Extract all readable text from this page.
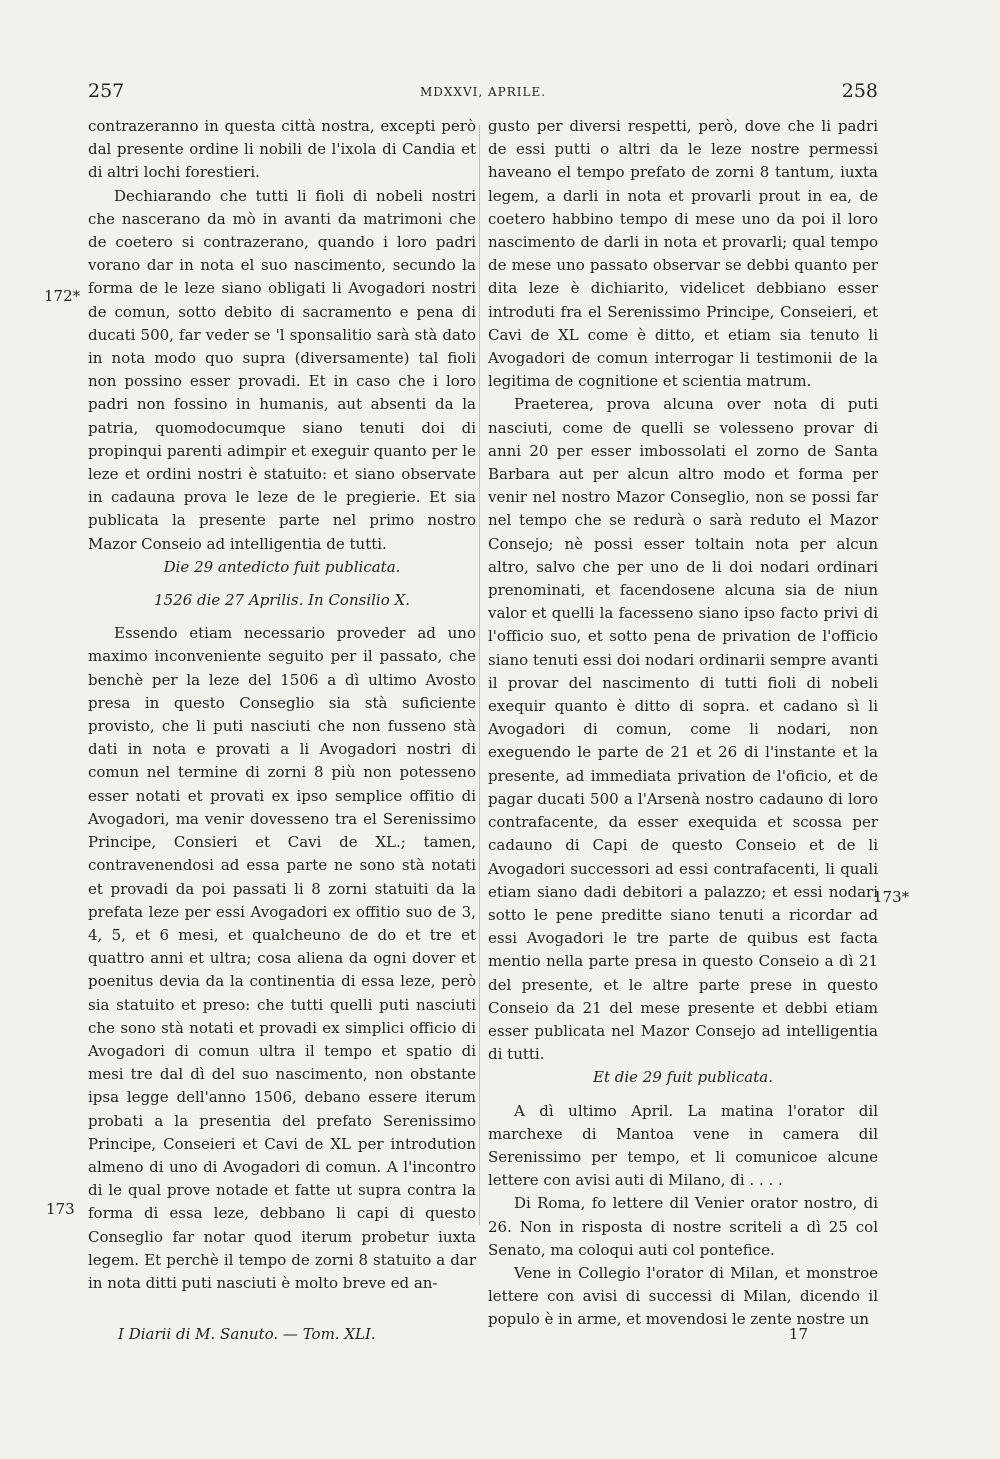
257	MDXXVI, APRILE.	258
172*
173
173*

contrazeranno in questa città nostra, excepti però dal presente ordine li nobili de l'ixola di Candia et di altri lochi forestieri.

Dechiarando che tutti li fioli di nobeli nostri che nascerano da mò in avanti da matrimoni che de coetero si contrazerano, quando i loro padri vorano dar in nota el suo nascimento, secundo la forma de le leze siano obligati li Avogadori nostri de comun, sotto debito di sacramento e pena di ducati 500, far veder se 'l sponsalitio sarà stà dato in nota modo quo supra (diversamente) tal fioli non possino esser provadi. Et in caso che i loro padri non fossino in humanis, aut absenti da la patria, quomodocumque siano tenuti doi di propinqui parenti adimpir et exeguir quanto per le leze et ordini nostri è statuito: et siano observate in cadauna prova le leze de le pregierie. Et sia publicata la presente parte nel primo nostro Mazor Conseio ad intelligentia de tutti.

Die 29 antedicto fuit publicata.

1526 die 27 Aprilis. In Consilio X.

Essendo etiam necessario proveder ad uno maximo inconveniente seguito per il passato, che benchè per la leze del 1506 a dì ultimo Avosto presa in questo Conseglio sia stà suficiente provisto, che li puti nasciuti che non fusseno stà dati in nota e provati a li Avogadori nostri di comun nel termine di zorni 8 più non potesseno esser notati et provati ex ipso semplice offitio di Avogadori, ma venir dovesseno tra el Serenissimo Principe, Consieri et Cavi de XL.; tamen, contravenendosi ad essa parte ne sono stà notati et provadi da poi passati li 8 zorni statuiti da la prefata leze per essi Avogadori ex offitio suo de 3, 4, 5, et 6 mesi, et qualcheuno de do et tre et quattro anni et ultra; cosa aliena da ogni dover et poenitus devia da la continentia di essa leze, però sia statuito et preso: che tutti quelli puti nasciuti che sono stà notati et provadi ex simplici officio di Avogadori di comun ultra il tempo et spatio di mesi tre dal dì del suo nascimento, non obstante ipsa legge dell'anno 1506, debano essere iterum probati a la presentia del prefato Serenissimo Principe, Conseieri et Cavi de XL per introdution almeno di uno di Avogadori di comun. A l'incontro di le qual prove notade et fatte ut supra contra la forma di essa leze, debbano li capi di questo Conseglio far notar quod iterum probetur iuxta legem. Et perchè il tempo de zorni 8 statuito a dar in nota ditti puti nasciuti è molto breve ed an-

gusto per diversi respetti, però, dove che li padri de essi putti o altri da le leze nostre permessi haveano el tempo prefato de zorni 8 tantum, iuxta legem, a darli in nota et provarli prout in ea, de coetero habbino tempo di mese uno da poi il loro nascimento de darli in nota et provarli; qual tempo de mese uno passato observar se debbi quanto per dita leze è dichiarito, videlicet debbiano esser introduti fra el Serenissimo Principe, Conseieri, et Cavi de XL come è ditto, et etiam sia tenuto li Avogadori de comun interrogar li testimonii de la legitima de cognitione et scientia matrum.

Praeterea, prova alcuna over nota di puti nasciuti, come de quelli se volesseno provar di anni 20 per esser imbossolati el zorno de Santa Barbara aut per alcun altro modo et forma per venir nel nostro Mazor Conseglio, non se possi far nel tempo che se redurà o sarà reduto el Mazor Consejo; nè possi esser toltain nota per alcun altro, salvo che per uno de li doi nodari ordinari prenominati, et facendosene alcuna sia de niun valor et quelli la facesseno siano ipso facto privi di l'officio suo, et sotto pena de privation de l'officio siano tenuti essi doi nodari ordinarii sempre avanti il provar del nascimento di tutti fioli di nobeli exequir quanto è ditto di sopra. et cadano sì li Avogadori di comun, come li nodari, non exeguendo le parte de 21 et 26 di l'instante et la presente, ad immediata privation de l'oficio, et de pagar ducati 500 a l'Arsenà nostro cadauno di loro contrafacente, da esser exequida et scossa per cadauno di Capi de questo Conseio et de li Avogadori successori ad essi contrafacenti, li quali etiam siano dadi debitori a palazzo; et essi nodari sotto le pene preditte siano tenuti a ricordar ad essi Avogadori le tre parte de quibus est facta mentio nella parte presa in questo Conseio a dì 21 del presente, et le altre parte prese in questo Conseio da 21 del mese presente et debbi etiam esser publicata nel Mazor Consejo ad intelligentia di tutti.

Et die 29 fuit publicata.

A dì ultimo April. La matina l'orator dil marchexe di Mantoa vene in camera dil Serenissimo per tempo, et li comunicoe alcune lettere con avisi auti di Milano, di . . . .

Di Roma, fo lettere dil Venier orator nostro, di 26. Non in risposta di nostre scriteli a dì 25 col Senato, ma coloqui auti col pontefice.

Vene in Collegio l'orator di Milan, et monstroe lettere con avisi di successi di Milan, dicendo il populo è in arme, et movendosi le zente nostre un

I Diarii di M. Sanuto. — Tom. XLI.	17
